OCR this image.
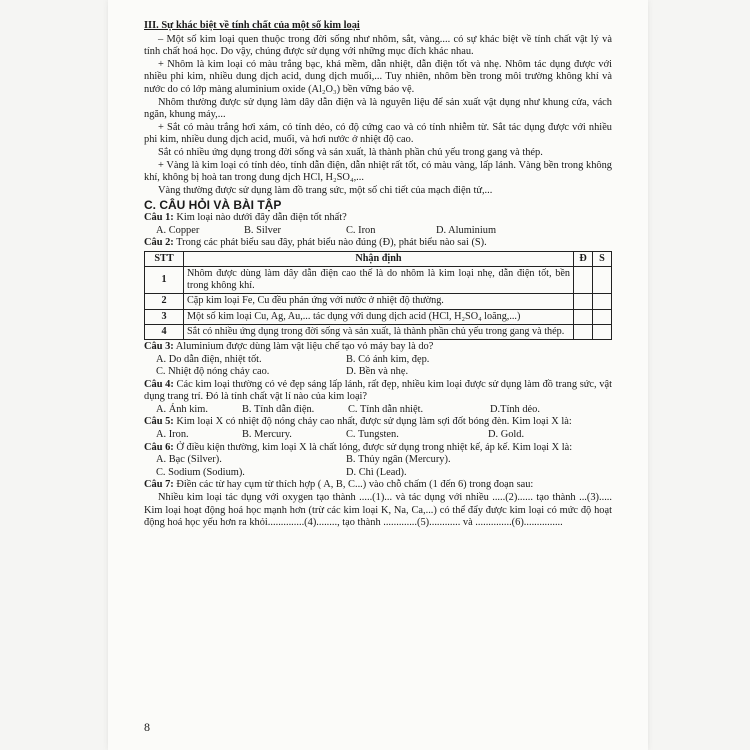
III. Sự khác biệt về tính chất của một số kim loại

– Một số kim loại quen thuộc trong đời sống như nhôm, sắt, vàng.... có sự khác biệt về tính chất vật lý và tính chất hoá học. Do vậy, chúng được sử dụng với những mục đích khác nhau.

+ Nhôm là kim loại có màu trắng bạc, khá mềm, dẫn nhiệt, dẫn điện tốt và nhẹ. Nhôm tác dụng được với nhiều phi kim, nhiều dung dịch acid, dung dịch muối,... Tuy nhiên, nhôm bền trong môi trường không khí và nước do có lớp màng aluminium oxide (Al₂O₃) bền vững bảo vệ.

Nhôm thường được sử dụng làm dây dẫn điện và là nguyên liệu để sản xuất vật dụng như khung cửa, vách ngăn, khung máy,...

+ Sắt có màu trắng hơi xám, có tính dẻo, có độ cứng cao và có tính nhiễm từ. Sắt tác dụng được với nhiều phi kim, nhiều dung dịch acid, muối, và hơi nước ở nhiệt độ cao.

Sắt có nhiều ứng dụng trong đời sống và sản xuất, là thành phần chủ yếu trong gang và thép.

+ Vàng là kim loại có tính dẻo, tính dẫn điện, dẫn nhiệt rất tốt, có màu vàng, lấp lánh. Vàng bền trong không khí, không bị hoà tan trong dung dịch HCl, H₂SO₄,...

Vàng thường được sử dụng làm đồ trang sức, một số chi tiết của mạch điện tử,...

C. CÂU HỎI VÀ BÀI TẬP

Câu 1: Kim loại nào dưới đây dẫn điện tốt nhất?

A. Copper	B. Silver	C. Iron	D. Aluminium

Câu 2: Trong các phát biểu sau đây, phát biểu nào đúng (Đ), phát biểu nào sai (S).

STT	Nhận định	Đ	S
1	Nhôm được dùng làm dây dẫn điện cao thế là do nhôm là kim loại nhẹ, dẫn điện tốt, bền trong không khí.		
2	Cặp kim loại Fe, Cu đều phản ứng với nước ở nhiệt độ thường.		
3	Một số kim loại Cu, Ag, Au,... tác dụng với dung dịch acid (HCl, H₂SO₄ loãng,...)		
4	Sắt có nhiều ứng dụng trong đời sống và sản xuất, là thành phần chủ yếu trong gang và thép.		

Câu 3: Aluminium được dùng làm vật liệu chế tạo vỏ máy bay là do?

A. Do dẫn điện, nhiệt tốt.	B. Có ánh kim, đẹp.
C. Nhiệt độ nóng chảy cao.	D. Bền và nhẹ.

Câu 4: Các kim loại thường có vẻ đẹp sáng lấp lánh, rất đẹp, nhiều kim loại được sử dụng làm đồ trang sức, vật dụng trang trí. Đó là tính chất vật lí nào của kim loại?

A. Ánh kim.	B. Tính dẫn điện.	C. Tính dẫn nhiệt.	D.Tính dẻo.

Câu 5: Kim loại X có nhiệt độ nóng chảy cao nhất, được sử dụng làm sợi đốt bóng đèn. Kim loại X là:

A. Iron.	B. Mercury.	C. Tungsten.	D. Gold.

Câu 6: Ở điều kiện thường, kim loại X là chất lỏng, được sử dụng trong nhiệt kế, áp kế. Kim loại X là:

A. Bạc (Silver).	B. Thủy ngân (Mercury).
C. Sodium (Sodium).	D. Chì (Lead).

Câu 7: Điền các từ hay cụm từ thích hợp ( A, B, C...) vào chỗ chấm (1 đến 6) trong đoạn sau:

Nhiều kim loại tác dụng với oxygen tạo thành .....(1)... và tác dụng với nhiều .....(2)...... tạo thành ...(3)..... Kim loại hoạt động hoá học mạnh hơn (trừ các kim loại K, Na, Ca,...) có thể đẩy được kim loại có mức độ hoạt động hoá học yếu hơn ra khỏi..............(4)........, tạo thành .............(5)............ và ..............(6)...............

8
